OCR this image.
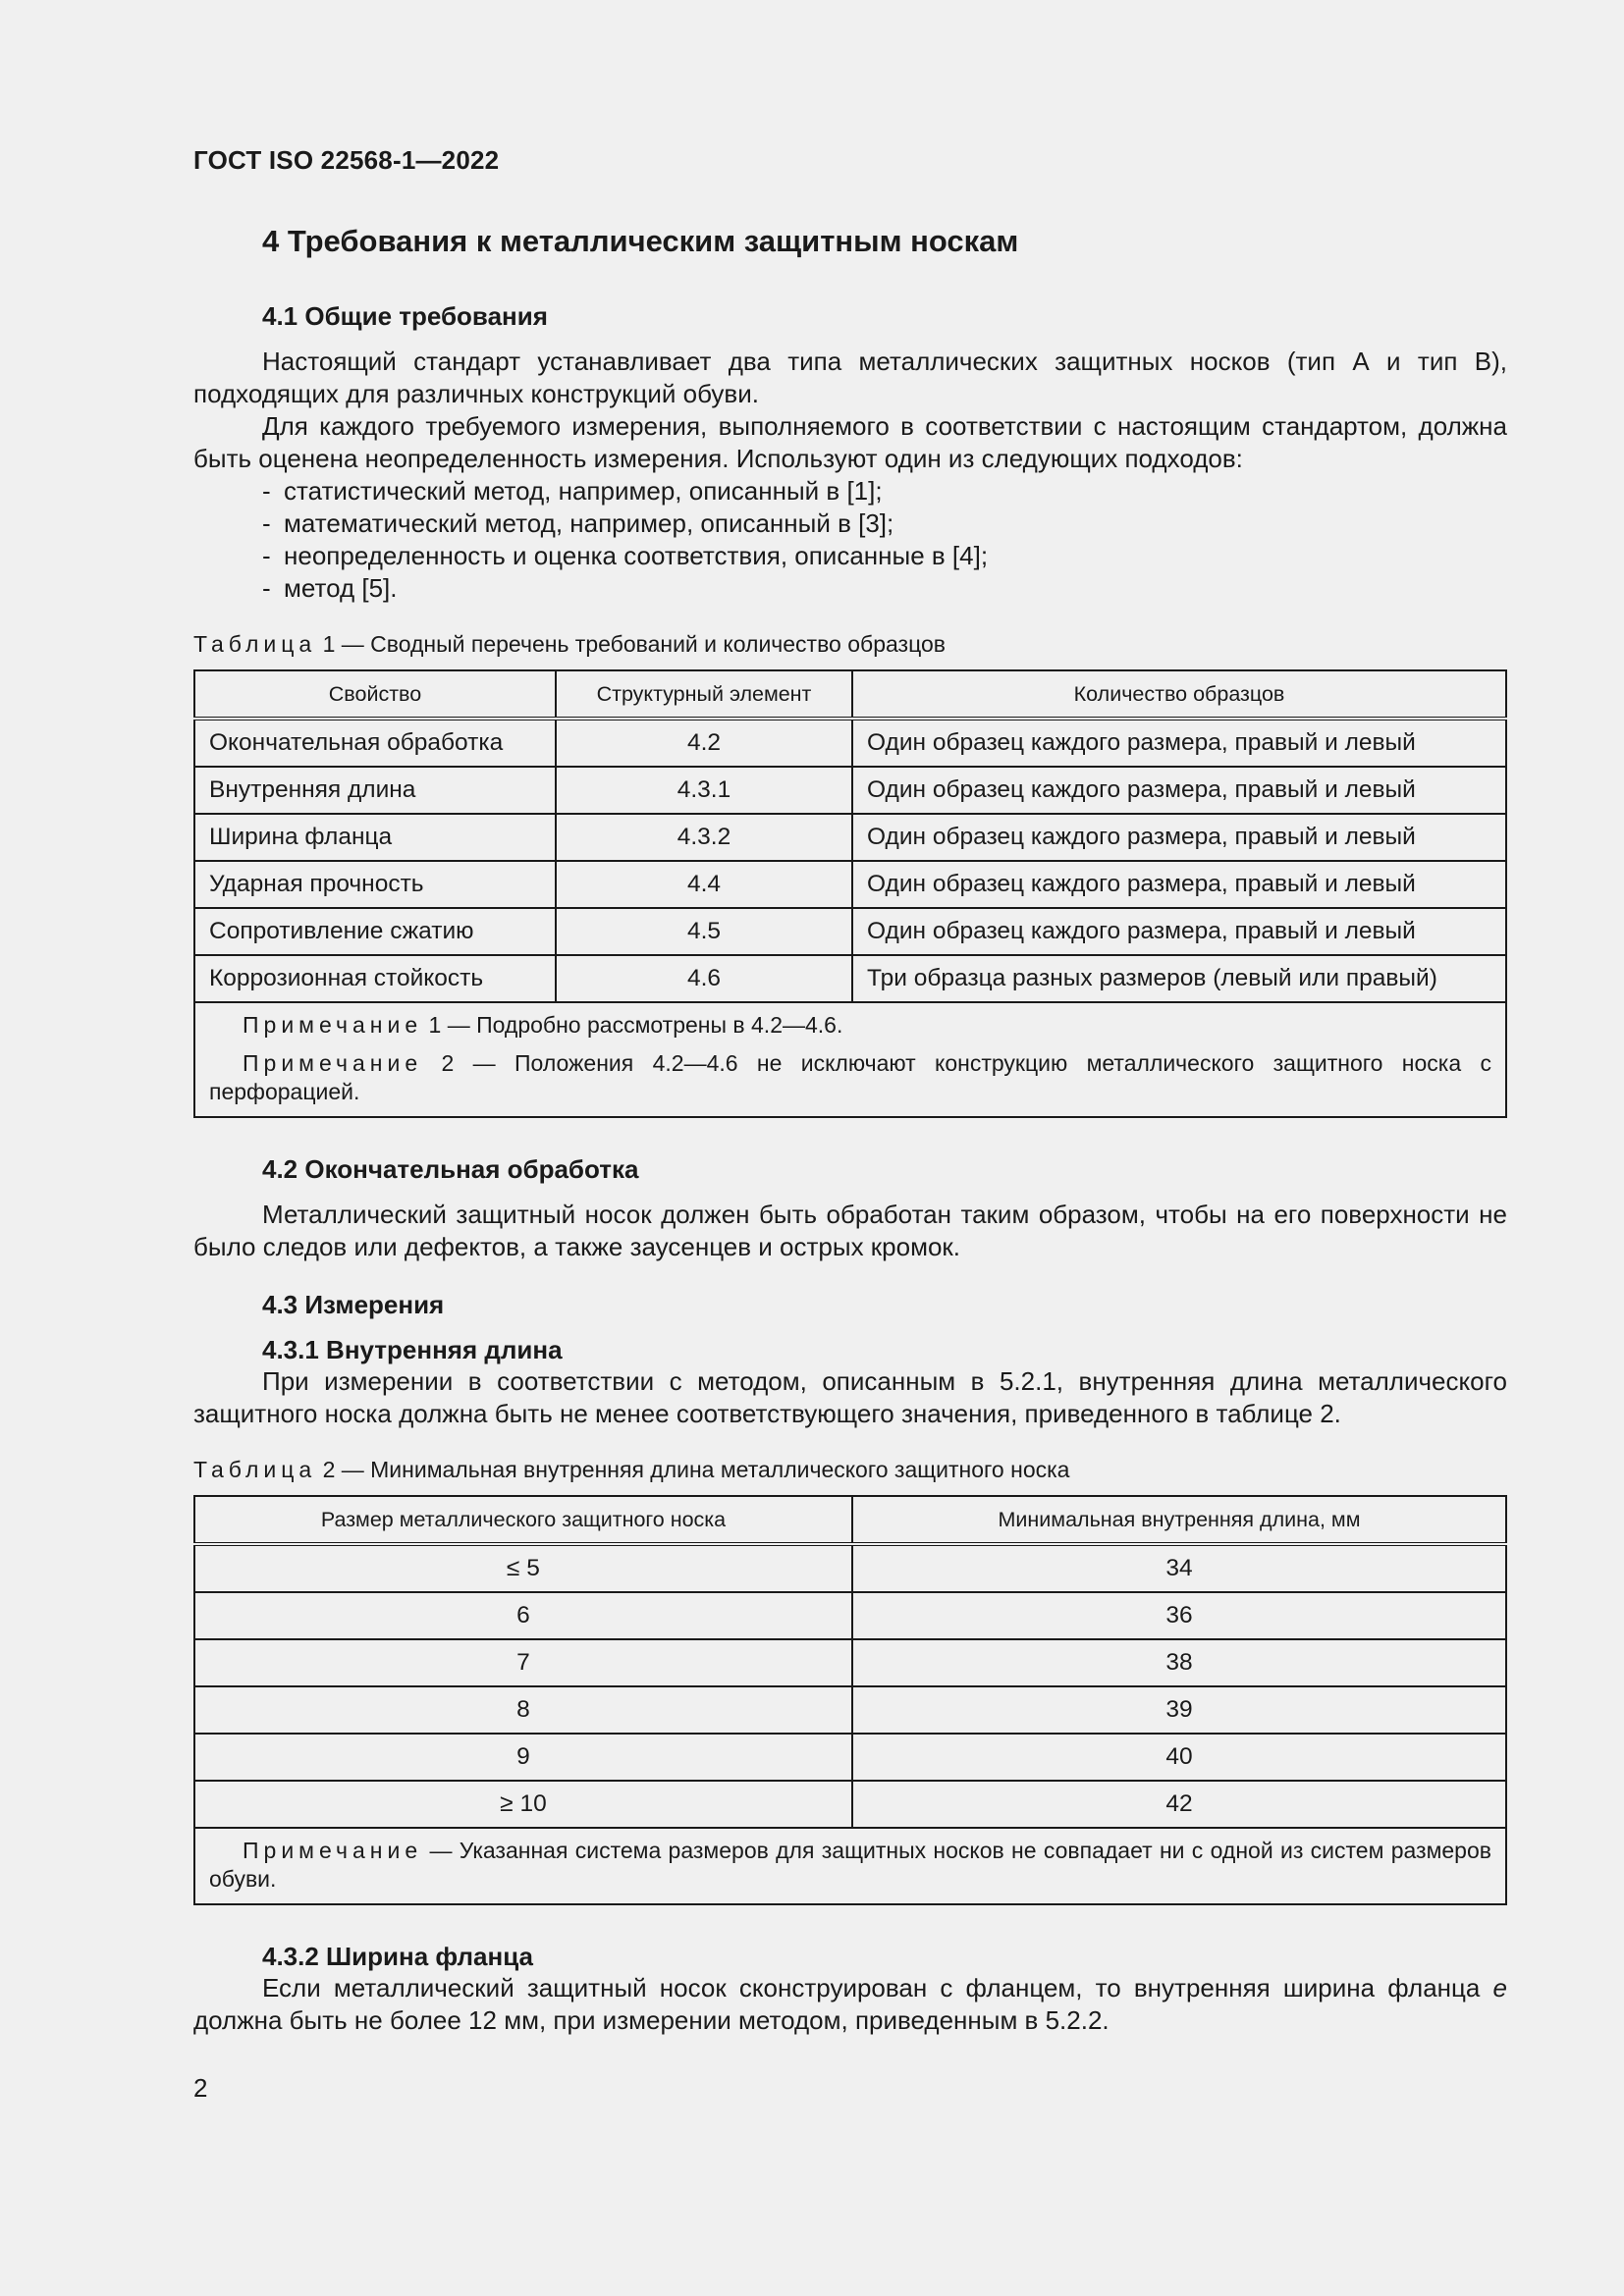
ГОСТ ISO 22568-1—2022
4 Требования к металлическим защитным носкам
4.1 Общие требования

Настоящий стандарт устанавливает два типа металлических защитных носков (тип А и тип В), подходящих для различных конструкций обуви.

Для каждого требуемого измерения, выполняемого в соответствии с настоящим стандартом, должна быть оценена неопределенность измерения. Используют один из следующих подходов:

- статистический метод, например, описанный в [1];
- математический метод, например, описанный в [3];
- неопределенность и оценка соответствия, описанные в [4];
- метод [5].
Таблица 1 — Сводный перечень требований и количество образцов
Свойство	Структурный элемент	Количество образцов
Окончательная обработка	4.2	Один образец каждого размера, правый и левый
Внутренняя длина	4.3.1	Один образец каждого размера, правый и левый
Ширина фланца	4.3.2	Один образец каждого размера, правый и левый
Ударная прочность	4.4	Один образец каждого размера, правый и левый
Сопротивление сжатию	4.5	Один образец каждого размера, правый и левый
Коррозионная стойкость	4.6	Три образца разных размеров (левый или правый)

Примечание 1 — Подробно рассмотрены в 4.2—4.6.
Примечание 2 — Положения 4.2—4.6 не исключают конструкцию металлического защитного носка с перфорацией.		
4.2 Окончательная обработка

Металлический защитный носок должен быть обработан таким образом, чтобы на его поверхности не было следов или дефектов, а также заусенцев и острых кромок.

4.3 Измерения
4.3.1 Внутренняя длина

При измерении в соответствии с методом, описанным в 5.2.1, внутренняя длина металлического защитного носка должна быть не менее соответствующего значения, приведенного в таблице 2.

Таблица 2 — Минимальная внутренняя длина металлического защитного носка
Размер металлического защитного носка	Минимальная внутренняя длина, мм
≤ 5	34
6	36
7	38
8	39
9	40
≥ 10	42

Примечание — Указанная система размеров для защитных носков не совпадает ни с одной из систем размеров обуви.	
4.3.2 Ширина фланца

Если металлический защитный носок сконструирован с фланцем, то внутренняя ширина фланца e должна быть не более 12 мм, при измерении методом, приведенным в 5.2.2.

2
